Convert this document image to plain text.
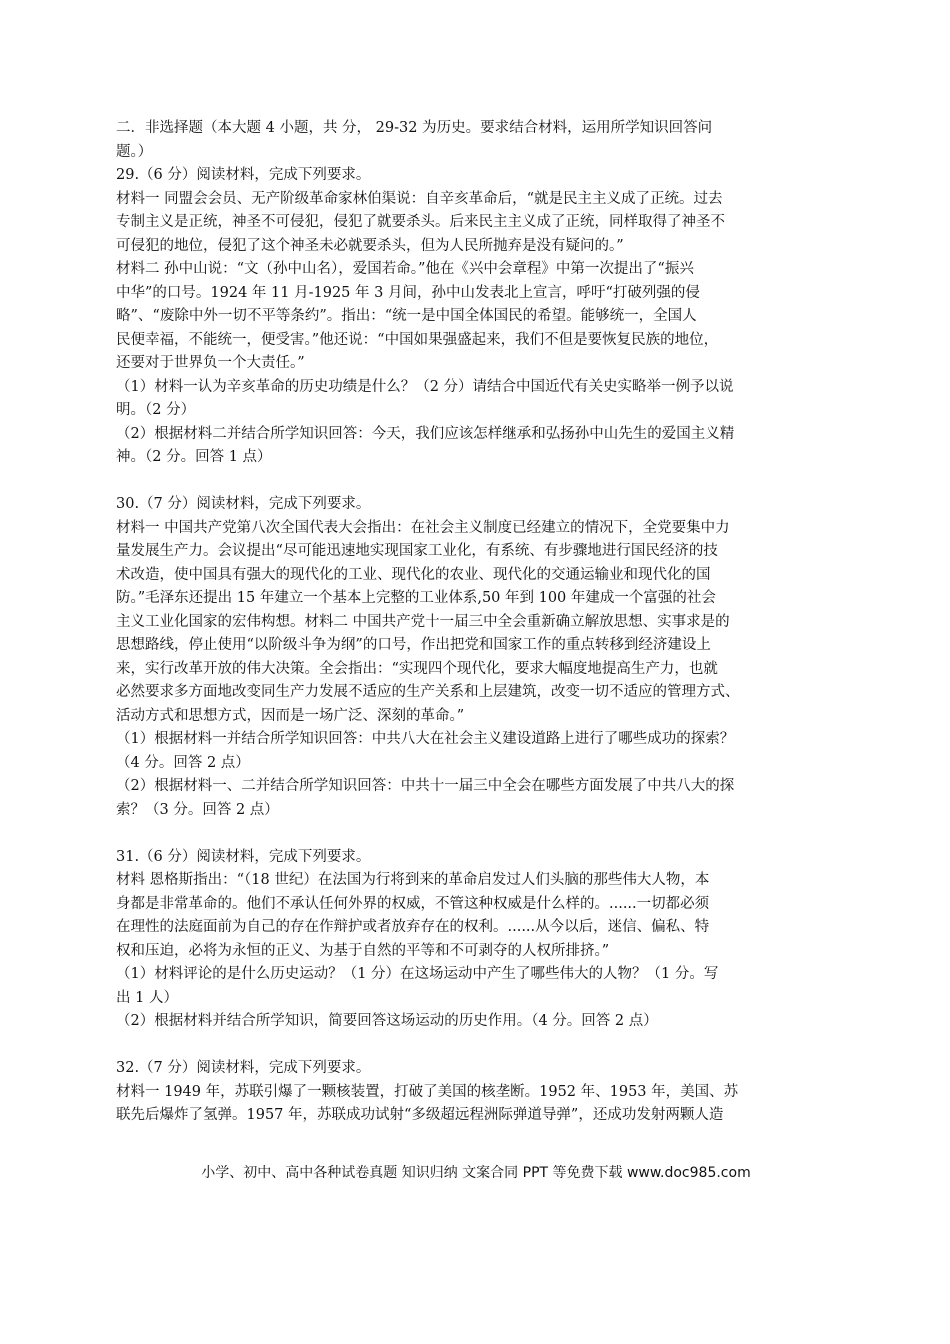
二．非选择题（本大题 4 小题，共 分， 29-32 为历史。要求结合材料，运用所学知识回答问
题。）
29.（6 分）阅读材料，完成下列要求。
材料一 同盟会会员、无产阶级革命家林伯渠说：自辛亥革命后，“就是民主主义成了正统。过去
专制主义是正统，神圣不可侵犯，侵犯了就要杀头。后来民主主义成了正统，同样取得了神圣不
可侵犯的地位，侵犯了这个神圣未必就要杀头，但为人民所抛弃是没有疑问的。”
材料二 孙中山说：“文（孙中山名），爱国若命。”他在《兴中会章程》中第一次提出了“振兴
中华”的口号。1924 年 11 月-1925 年 3 月间，孙中山发表北上宣言，呼吁“打破列强的侵
略”、“废除中外一切不平等条约”。指出：“统一是中国全体国民的希望。能够统一，全国人
民便幸福，不能统一，便受害。”他还说：“中国如果强盛起来，我们不但是要恢复民族的地位，
还要对于世界负一个大责任。”
（1）材料一认为辛亥革命的历史功绩是什么？（2 分）请结合中国近代有关史实略举一例予以说
明。（2 分）
（2）根据材料二并结合所学知识回答：今天，我们应该怎样继承和弘扬孙中山先生的爱国主义精
神。（2 分。回答 1 点）
30.（7 分）阅读材料，完成下列要求。
材料一 中国共产党第八次全国代表大会指出：在社会主义制度已经建立的情况下，全党要集中力
量发展生产力。会议提出“尽可能迅速地实现国家工业化，有系统、有步骤地进行国民经济的技
术改造，使中国具有强大的现代化的工业、现代化的农业、现代化的交通运输业和现代化的国
防。”毛泽东还提出 15 年建立一个基本上完整的工业体系,50 年到 100 年建成一个富强的社会
主义工业化国家的宏伟构想。材料二 中国共产党十一届三中全会重新确立解放思想、实事求是的
思想路线，停止使用“以阶级斗争为纲”的口号，作出把党和国家工作的重点转移到经济建设上
来，实行改革开放的伟大决策。全会指出：“实现四个现代化，要求大幅度地提高生产力，也就
必然要求多方面地改变同生产力发展不适应的生产关系和上层建筑，改变一切不适应的管理方式、
活动方式和思想方式，因而是一场广泛、深刻的革命。”
（1）根据材料一并结合所学知识回答：中共八大在社会主义建设道路上进行了哪些成功的探索？
（4 分。回答 2 点）
（2）根据材料一、二并结合所学知识回答：中共十一届三中全会在哪些方面发展了中共八大的探
索？（3 分。回答 2 点）
31.（6 分）阅读材料，完成下列要求。
材料 恩格斯指出：“（18 世纪）在法国为行将到来的革命启发过人们头脑的那些伟大人物，本
身都是非常革命的。他们不承认任何外界的权威，不管这种权威是什么样的。......一切都必须
在理性的法庭面前为自己的存在作辩护或者放弃存在的权利。......从今以后，迷信、偏私、特
权和压迫，必将为永恒的正义、为基于自然的平等和不可剥夺的人权所排挤。”
（1）材料评论的是什么历史运动？（1 分）在这场运动中产生了哪些伟大的人物？（1 分。写
出 1 人）
（2）根据材料并结合所学知识，简要回答这场运动的历史作用。（4 分。回答 2 点）
32.（7 分）阅读材料，完成下列要求。
材料一 1949 年，苏联引爆了一颗核装置，打破了美国的核垄断。1952 年、1953 年，美国、苏
联先后爆炸了氢弹。1957 年，苏联成功试射“多级超远程洲际弹道导弹”，还成功发射两颗人造
小学、初中、高中各种试卷真题 知识归纳 文案合同 PPT 等免费下载 www.doc985.com
